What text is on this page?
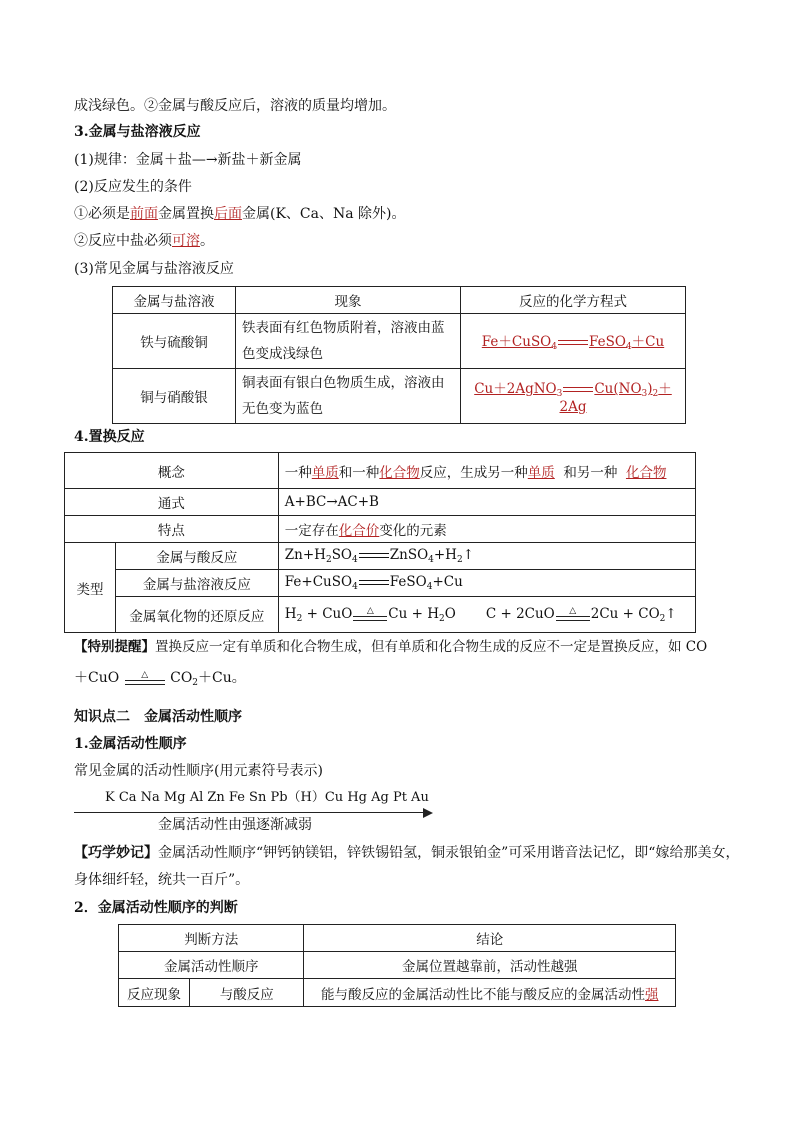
成浅绿色。②金属与酸反应后，溶液的质量均增加。
3.金属与盐溶液反应
(1)规律：金属＋盐—→新盐＋新金属
(2)反应发生的条件
①必须是前面金属置换后面金属(K、Ca、Na 除外)。
②反应中盐必须可溶。
(3)常见金属与盐溶液反应
金属与盐溶液	现象	反应的化学方程式
铁与硫酸铜	铁表面有红色物质附着，溶液由蓝色变成浅绿色	Fe＋CuSO$_4$ FeSO$_4$＋Cu
铜与硝酸银	铜表面有银白色物质生成，溶液由无色变为蓝色	Cu＋2AgNO$_3$ $Cu(NO_3)_2+2Ag$
4.置换反应
概念		一种单质和一种化合物反应，生成另一种单质  和另一种  化合物
通式		A+BC→AC+B
特点		一定存在化合价变化的元素
类型	金属与酸反应	$Zn+H_2SO_4$ $ZnSO_4+H_2↑$
	金属与盐溶液反应	Fe+CuSO$_4$ FeSO$_4$+Cu
	金属氧化物的还原反应	$H_2$ + CuO △ $Cu + H_2O$       C + 2CuO △ $2Cu + CO_2↑$
【特别提醒】置换反应一定有单质和化合物生成，但有单质和化合物生成的反应不一定是置换反应，如 CO
＋CuO △ $CO_2+Cu$。
知识点二　金属活动性顺序
1.金属活动性顺序
常见金属的活动性顺序(用元素符号表示)
K Ca Na Mg Al Zn Fe Sn Pb（H）Cu Hg Ag Pt Au
金属活动性由强逐渐减弱
【巧学妙记】金属活动性顺序“钾钙钠镁铝，锌铁锡铅氢，铜汞银铂金”可采用谐音法记忆，即“嫁给那美女，
身体细纤轻，统共一百斤”。
2．金属活动性顺序的判断
判断方法		结论
金属活动性顺序		金属位置越靠前，活动性越强
反应现象	与酸反应	能与酸反应的金属活动性比不能与酸反应的金属活动性强
